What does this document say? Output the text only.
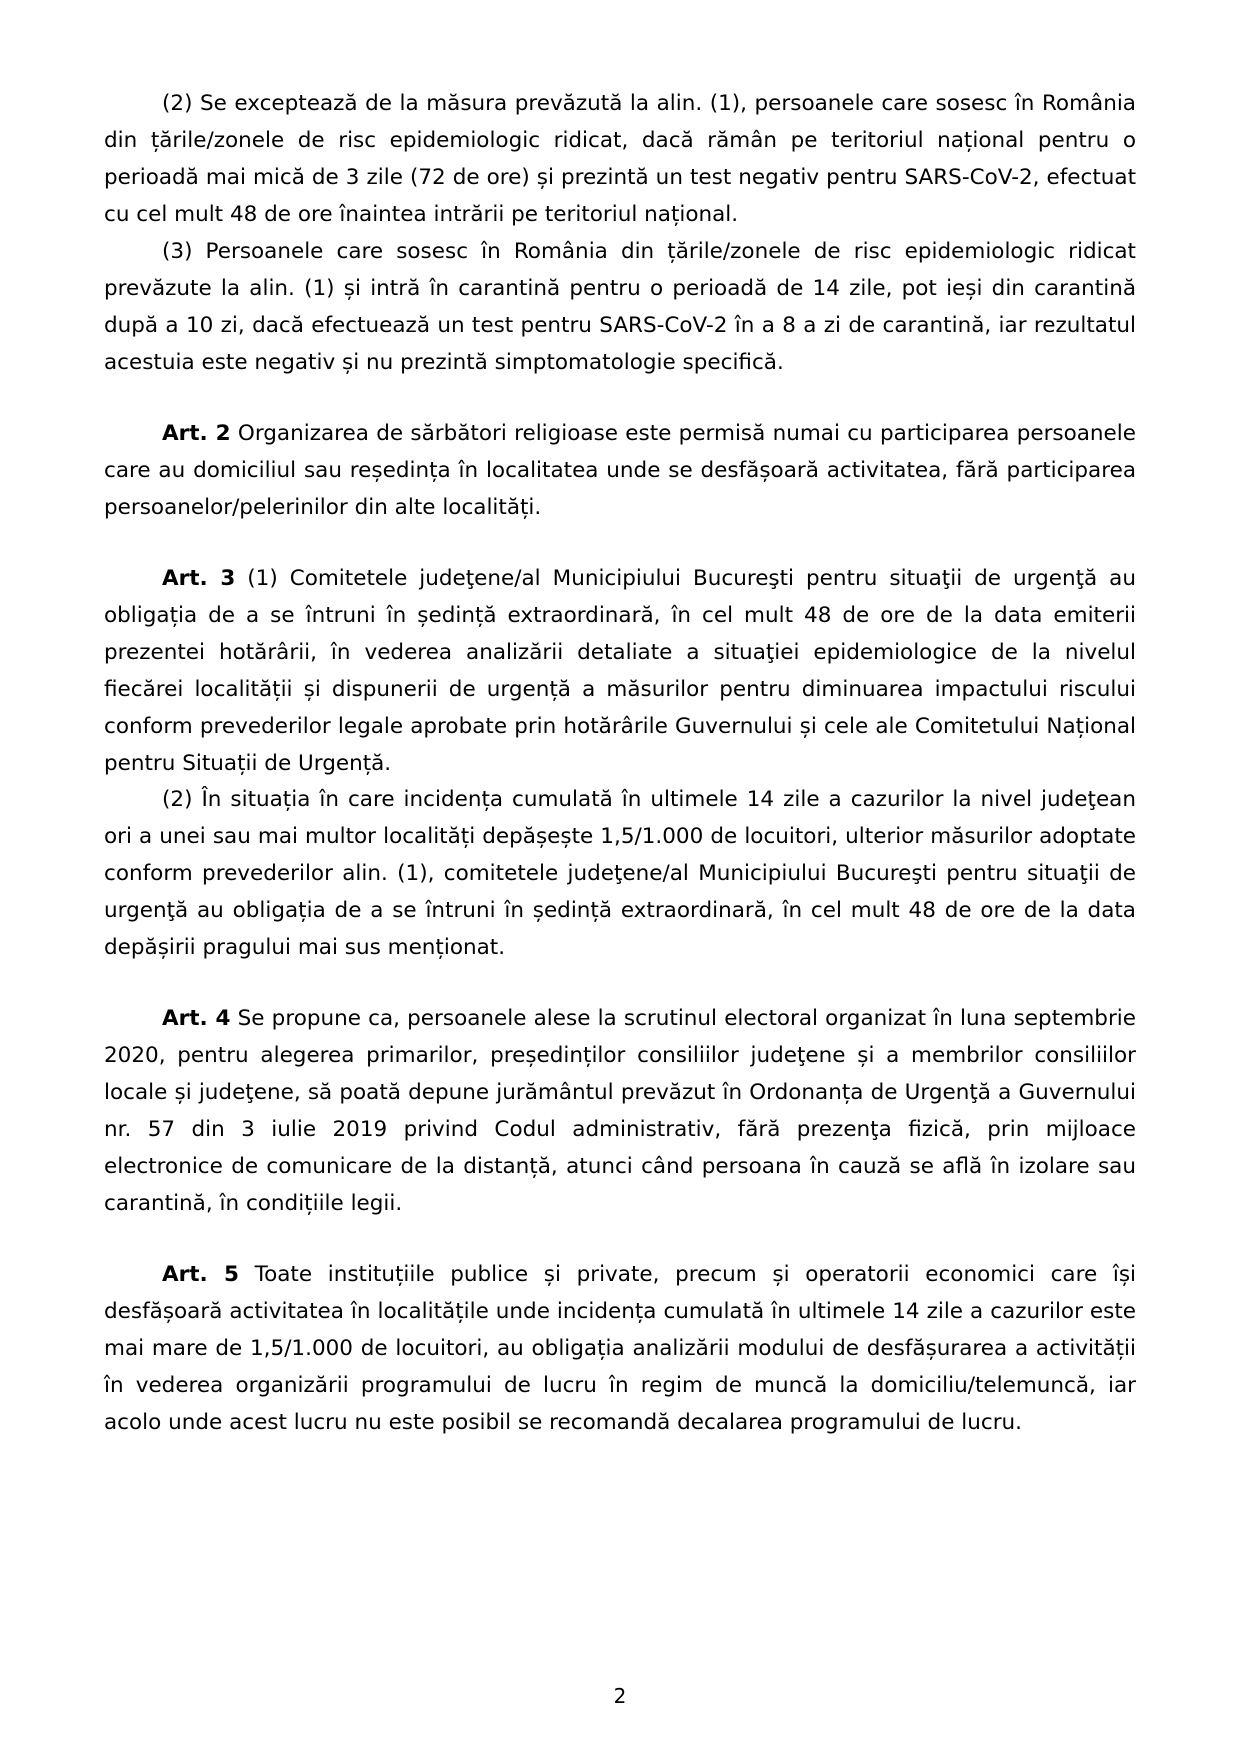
(2) Se exceptează de la măsura prevăzută la alin. (1), persoanele care sosesc în România din țările/zonele de risc epidemiologic ridicat, dacă rămân pe teritoriul național pentru o perioadă mai mică de 3 zile (72 de ore) și prezintă un test negativ pentru SARS-CoV-2, efectuat cu cel mult 48 de ore înaintea intrării pe teritoriul național.

(3) Persoanele care sosesc în România din țările/zonele de risc epidemiologic ridicat prevăzute la alin. (1) și intră în carantină pentru o perioadă de 14 zile, pot ieși din carantină după a 10 zi, dacă efectuează un test pentru SARS-CoV-2 în a 8 a zi de carantină, iar rezultatul acestuia este negativ și nu prezintă simptomatologie specifică.

Art. 2 Organizarea de sărbători religioase este permisă numai cu participarea persoanele care au domiciliul sau reședința în localitatea unde se desfășoară activitatea, fără participarea persoanelor/pelerinilor din alte localități.

Art. 3 (1) Comitetele judeţene/al Municipiului Bucureşti pentru situaţii de urgenţă au obligația de a se întruni în ședință extraordinară, în cel mult 48 de ore de la data emiterii prezentei hotărârii, în vederea analizării detaliate a situaţiei epidemiologice de la nivelul fiecărei localității și dispunerii de urgență a măsurilor pentru diminuarea impactului riscului conform prevederilor legale aprobate prin hotărârile Guvernului și cele ale Comitetului Național pentru Situații de Urgență.

(2) În situația în care incidența cumulată în ultimele 14 zile a cazurilor la nivel judeţean ori a unei sau mai multor localități depășește 1,5/1.000 de locuitori, ulterior măsurilor adoptate conform prevederilor alin. (1), comitetele judeţene/al Municipiului Bucureşti pentru situaţii de urgenţă au obligația de a se întruni în ședință extraordinară, în cel mult 48 de ore de la data depășirii pragului mai sus menționat.

Art. 4 Se propune ca, persoanele alese la scrutinul electoral organizat în luna septembrie 2020, pentru alegerea primarilor, președinților consiliilor judeţene și a membrilor consiliilor locale și judeţene, să poată depune jurământul prevăzut în Ordonanța de Urgenţă a Guvernului nr. 57 din 3 iulie 2019 privind Codul administrativ, fără prezenţa fizică, prin mijloace electronice de comunicare de la distanță, atunci când persoana în cauză se află în izolare sau carantină, în condițiile legii.

Art. 5 Toate instituțiile publice și private, precum și operatorii economici care își desfășoară activitatea în localitățile unde incidența cumulată în ultimele 14 zile a cazurilor este mai mare de 1,5/1.000 de locuitori, au obligația analizării modului de desfășurarea a activității în vederea organizării programului de lucru în regim de muncă la domiciliu/telemuncă, iar acolo unde acest lucru nu este posibil se recomandă decalarea programului de lucru.

2
